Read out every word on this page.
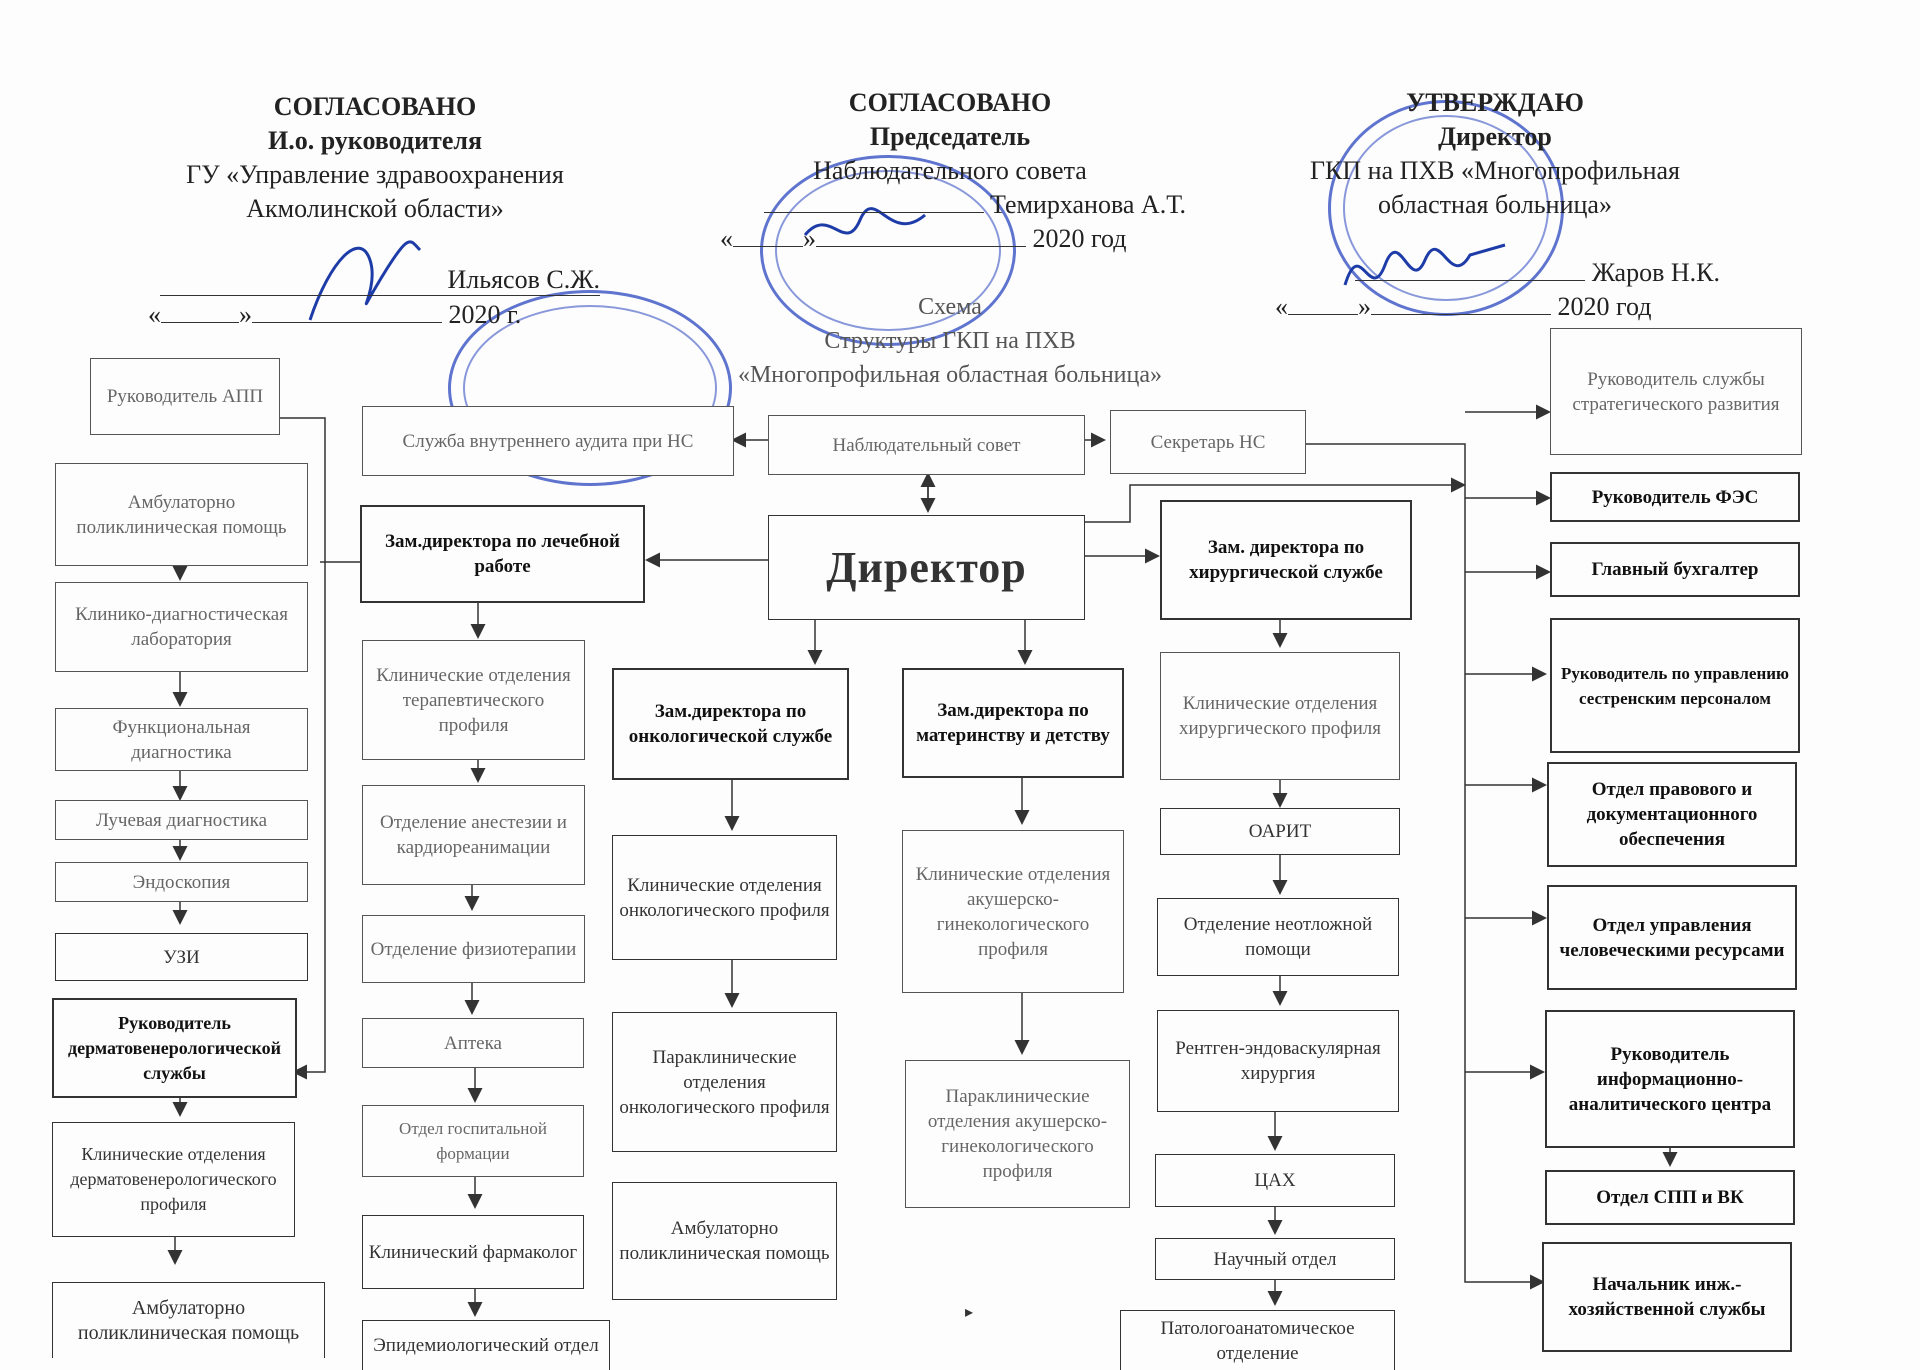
СОГЛАСОВАНО
И.о. руководителя
ГУ «Управление здравоохранения
Акмолинской области»
Ильясов С.Ж.
«	»	2020 г.
СОГЛАСОВАНО
Председатель
Наблюдательного совета
Темирханова А.Т.
«	»	2020 год
УТВЕРЖДАЮ
Директор
ГКП на ПХВ «Многопрофильная
областная больница»
Жаров Н.К.
«	»	2020 год
Схема
Структуры ГКП на ПХВ
«Многопрофильная областная больница»
Руководитель АПП
Служба внутреннего аудита при НС	Наблюдательный совет	Секретарь НС
Директор
Зам.директора по лечебной работе
Зам. директора по хирургической службе
Зам.директора по онкологической службе
Зам.директора по материнству и детству
Амбулаторно поликлиническая помощь
Клинико-диагностическая лаборатория
Функциональная диагностика
Лучевая диагностика
Эндоскопия
УЗИ
Руководитель дерматовенерологической службы
Клинические отделения дерматовенерологического профиля
Амбулаторно поликлиническая помощь
Клинические отделения терапевтического профиля
Отделение анестезии и кардиореанимации
Отделение физиотерапии
Аптека
Отдел госпитальной формации
Клинический фармаколог
Эпидемиологический отдел
Клинические отделения онкологического профиля
Параклинические отделения онкологического профиля
Амбулаторно поликлиническая помощь
Клинические отделения акушерско-гинекологического профиля
Параклинические отделения акушерско-гинекологического профиля
Клинические отделения хирургического профиля
ОАРИТ
Отделение неотложной помощи
Рентген-эндоваскулярная хирургия
ЦАХ
Научный отдел
Патологоанатомическое отделение
Руководитель службы стратегического развития
Руководитель ФЭС
Главный бухгалтер
Руководитель по управлению сестренским персоналом
Отдел правового и документационного обеспечения
Отдел управления человеческими ресурсами
Руководитель информационно-аналитического центра
Отдел СПП и ВК
Начальник инж.-хозяйственной службы
▸
